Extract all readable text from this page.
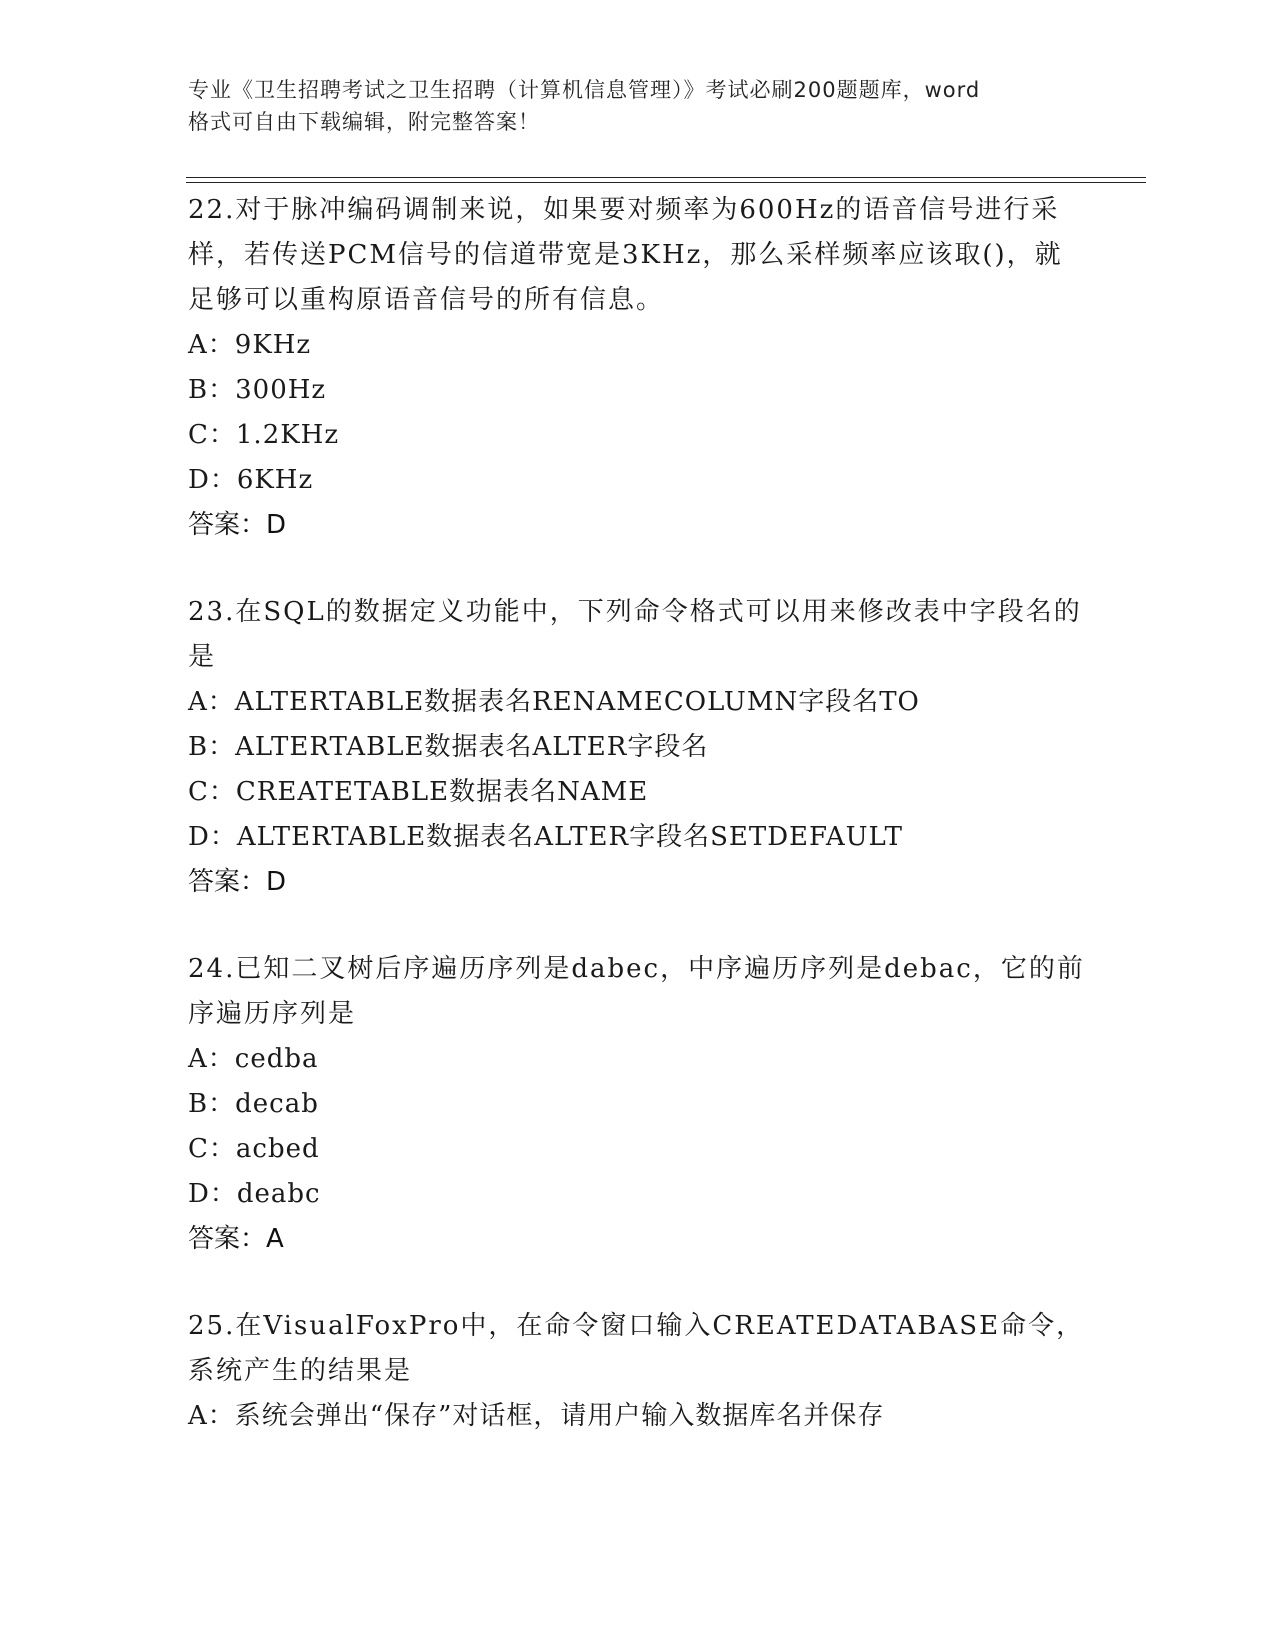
专业《卫生招聘考试之卫生招聘（计算机信息管理）》考试必刷200题题库，word
格式可自由下载编辑，附完整答案！

22.对于脉冲编码调制来说，如果要对频率为600Hz的语音信号进行采样，若传送PCM信号的信道带宽是3KHz，那么采样频率应该取()，就足够可以重构原语音信号的所有信息。

A：9KHz

B：300Hz

C：1.2KHz

D：6KHz

答案：D

23.在SQL的数据定义功能中，下列命令格式可以用来修改表中字段名的是

A：ALTERTABLE数据表名RENAMECOLUMN字段名TO

B：ALTERTABLE数据表名ALTER字段名

C：CREATETABLE数据表名NAME

D：ALTERTABLE数据表名ALTER字段名SETDEFAULT

答案：D

24.已知二叉树后序遍历序列是dabec，中序遍历序列是debac，它的前序遍历序列是

A：cedba

B：decab

C：acbed

D：deabc

答案：A

25.在VisualFoxPro中，在命令窗口输入CREATEDATABASE命令，系统产生的结果是

A：系统会弹出“保存”对话框，请用户输入数据库名并保存
